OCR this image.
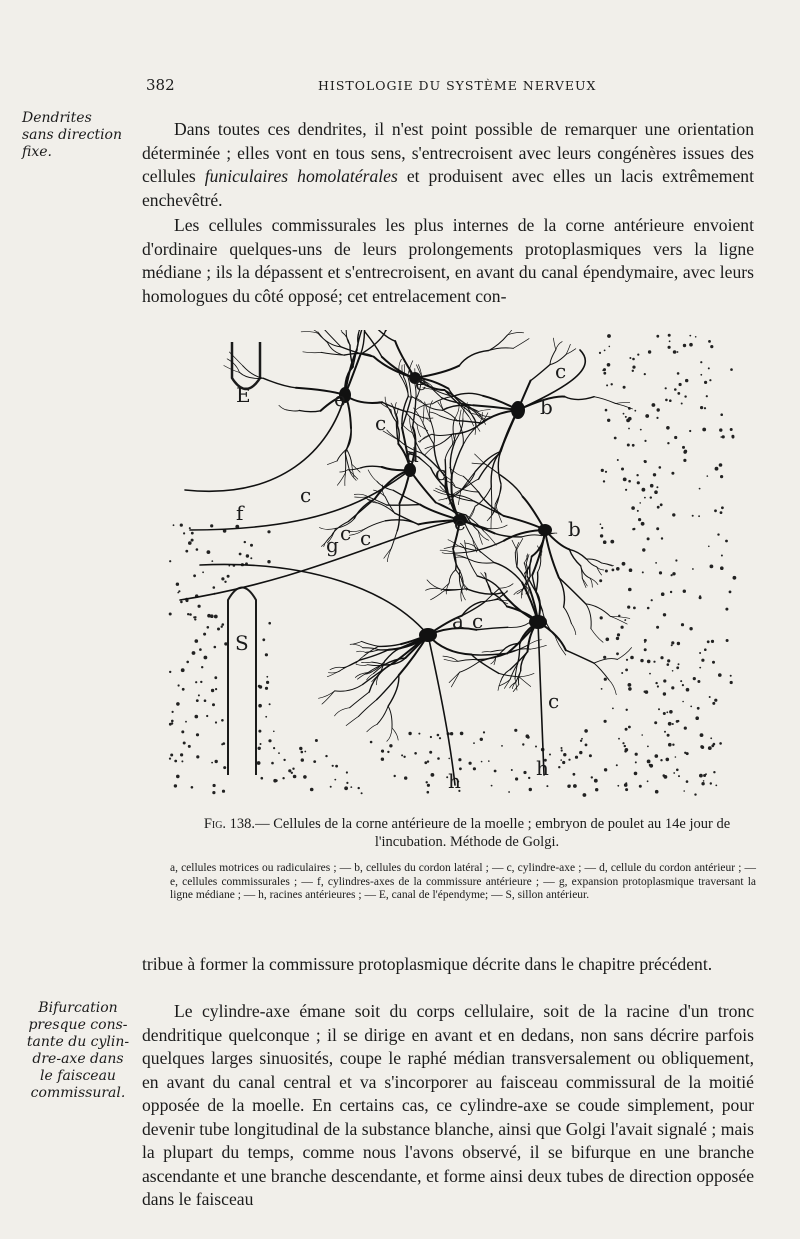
382	HISTOLOGIE DU SYSTÈME NERVEUX
Dendrites
sans direction
fixe.

Dans toutes ces dendrites, il n'est point possible de remarquer une orientation déterminée ; elles vont en tous sens, s'entrecroisent avec leurs congénères issues des cellules funiculaires homolatérales et produisent avec elles un lacis extrêmement enchevêtré.

Les cellules commissurales les plus internes de la corne antérieure envoient d'ordinaire quelques-uns de leurs prolongements protoplasmiques vers la ligne médiane ; ils la dépassent et s'entrecroisent, en avant du canal épendymaire, avec leurs homologues du côté opposé; cet entrelacement con-

E
S
a
b
b
c
c
c
c c
c
c
c
d
e
e
e
f
g
h
h

Fig. 138.— Cellules de la corne antérieure de la moelle ; embryon de poulet au 14e jour de l'incubation. Méthode de Golgi.

a, cellules motrices ou radiculaires ; — b, cellules du cordon latéral ; — c, cylindre-axe ; — d, cellule du cordon antérieur ; — e, cellules commissurales ; — f, cylindres-axes de la commissure antérieure ; — g, expansion protoplasmique traversant la ligne médiane ; — h, racines antérieures ; — E, canal de l'épendyme; — S, sillon antérieur.

tribue à former la commissure protoplasmique décrite dans le chapitre précédent.

Bifurcation
presque cons-
tante du cylin-
dre-axe dans
le faisceau
commissural.

Le cylindre-axe émane soit du corps cellulaire, soit de la racine d'un tronc dendritique quelconque ; il se dirige en avant et en dedans, non sans décrire parfois quelques larges sinuosités, coupe le raphé médian transversalement ou obliquement, en avant du canal central et va s'incorporer au faisceau commissural de la moitié opposée de la moelle. En certains cas, ce cylindre-axe se coude simplement, pour devenir tube longitudinal de la substance blanche, ainsi que Golgi l'avait signalé ; mais la plupart du temps, comme nous l'avons observé, il se bifurque en une branche ascendante et une branche descendante, et forme ainsi deux tubes de direction opposée dans le faisceau
